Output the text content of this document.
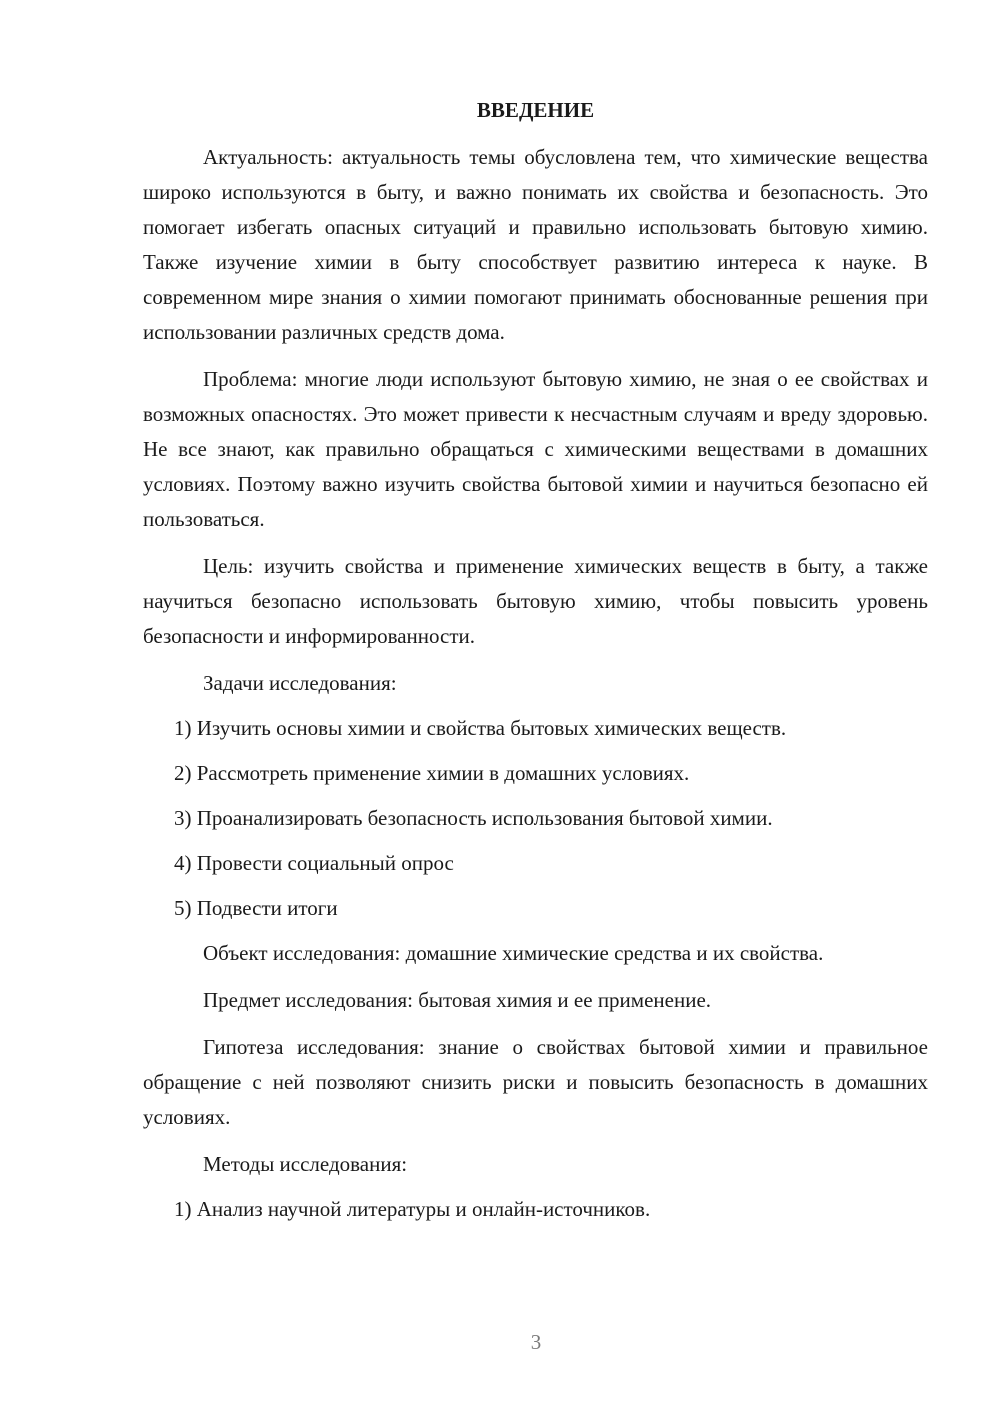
ВВЕДЕНИЕ

Актуальность: актуальность темы обусловлена тем, что химические вещества широко используются в быту, и важно понимать их свойства и безопасность. Это помогает избегать опасных ситуаций и правильно использовать бытовую химию. Также изучение химии в быту способствует развитию интереса к науке. В современном мире знания о химии помогают принимать обоснованные решения при использовании различных средств дома.

Проблема: многие люди используют бытовую химию, не зная о ее свойствах и возможных опасностях. Это может привести к несчастным случаям и вреду здоровью. Не все знают, как правильно обращаться с химическими веществами в домашних условиях. Поэтому важно изучить свойства бытовой химии и научиться безопасно ей пользоваться.

Цель: изучить свойства и применение химических веществ в быту, а также научиться безопасно использовать бытовую химию, чтобы повысить уровень безопасности и информированности.

Задачи исследования:
1) Изучить основы химии и свойства бытовых химических веществ.
2) Рассмотреть применение химии в домашних условиях.
3) Проанализировать безопасность использования бытовой химии.
4) Провести социальный опрос
5) Подвести итоги

Объект исследования: домашние химические средства и их свойства.

Предмет исследования: бытовая химия и ее применение.

Гипотеза исследования: знание о свойствах бытовой химии и правильное обращение с ней позволяют снизить риски и повысить безопасность в домашних условиях.

Методы исследования:
1) Анализ научной литературы и онлайн-источников.
3
